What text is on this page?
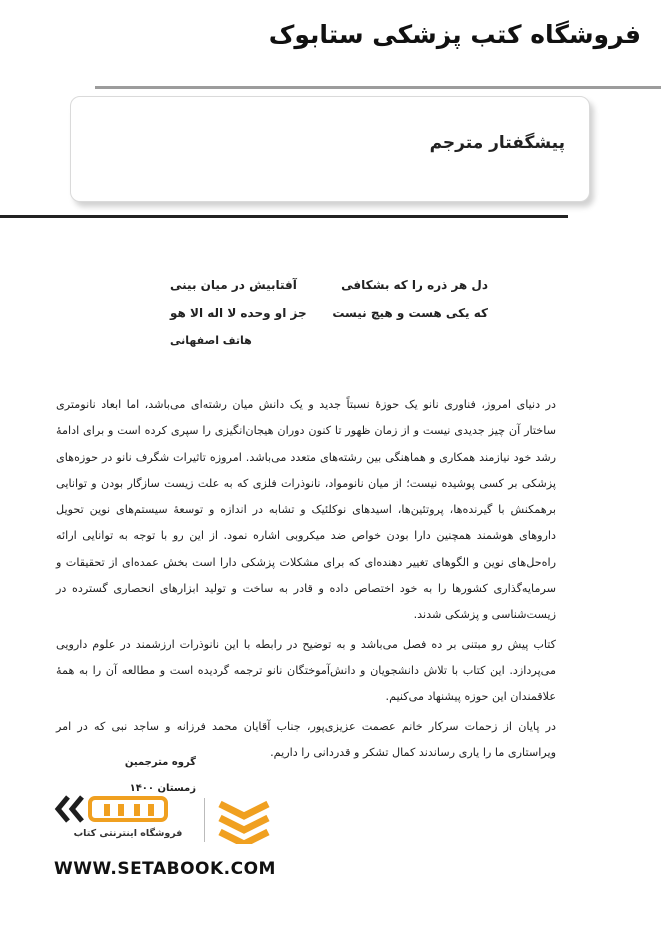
فروشگاه کتب پزشکی ستابوک
پیشگفتار مترجم
دل هر ذره را که بشکافی
آفتابیش در میان بینی
که یکی هست و هیچ نیست
جز او وحده لا اله الا هو
هاتف اصفهانی

در دنیای امروز، فناوری نانو یک حوزهٔ نسبتاً جدید و یک دانش میان رشته‌ای می‌باشد، اما ابعاد نانومتری ساختار آن چیز جدیدی نیست و از زمان ظهور تا کنون دوران هیجان‌انگیزی را سپری کرده است و برای ادامهٔ رشد خود نیازمند همکاری و هماهنگی بین رشته‌های متعدد می‌باشد. امروزه تاثیرات شگرف نانو در حوزه‌های پزشکی بر کسی پوشیده نیست؛ از میان نانومواد، نانوذرات فلزی که به علت زیست سازگار بودن و توانایی برهمکنش با گیرنده‌ها، پروتئین‌ها، اسیدهای نوکلئیک و تشابه در اندازه و توسعهٔ سیستم‌های نوین تحویل داروهای هوشمند همچنین دارا بودن خواص ضد میکروبی اشاره نمود. از این رو با توجه به توانایی ارائه راه‌حل‌های نوین و الگوهای تغییر دهنده‌ای که برای مشکلات پزشکی دارا است بخش عمده‌ای از تحقیقات و سرمایه‌گذاری کشورها را به خود اختصاص داده و قادر به ساخت و تولید ابزارهای انحصاری گسترده در زیست‌شناسی و پزشکی شدند.

کتاب پیش رو مبتنی بر ده فصل می‌باشد و به توضیح در رابطه با این نانوذرات ارزشمند در علوم دارویی می‌پردازد. این کتاب با تلاش دانشجویان و دانش‌آموختگان نانو ترجمه گردیده است و مطالعه آن را به همهٔ علاقمندان این حوزه پیشنهاد می‌کنیم.

در پایان از زحمات سرکار خانم عصمت عزیزی‌پور، جناب آقایان محمد فرزانه و ساجد نبی که در امر ویراستاری ما را یاری رساندند کمال تشکر و قدردانی را داریم.

گروه مترجمین
زمستان ۱۴۰۰
فروشگاه اینترنتی کتاب
WWW.SETABOOK.COM
